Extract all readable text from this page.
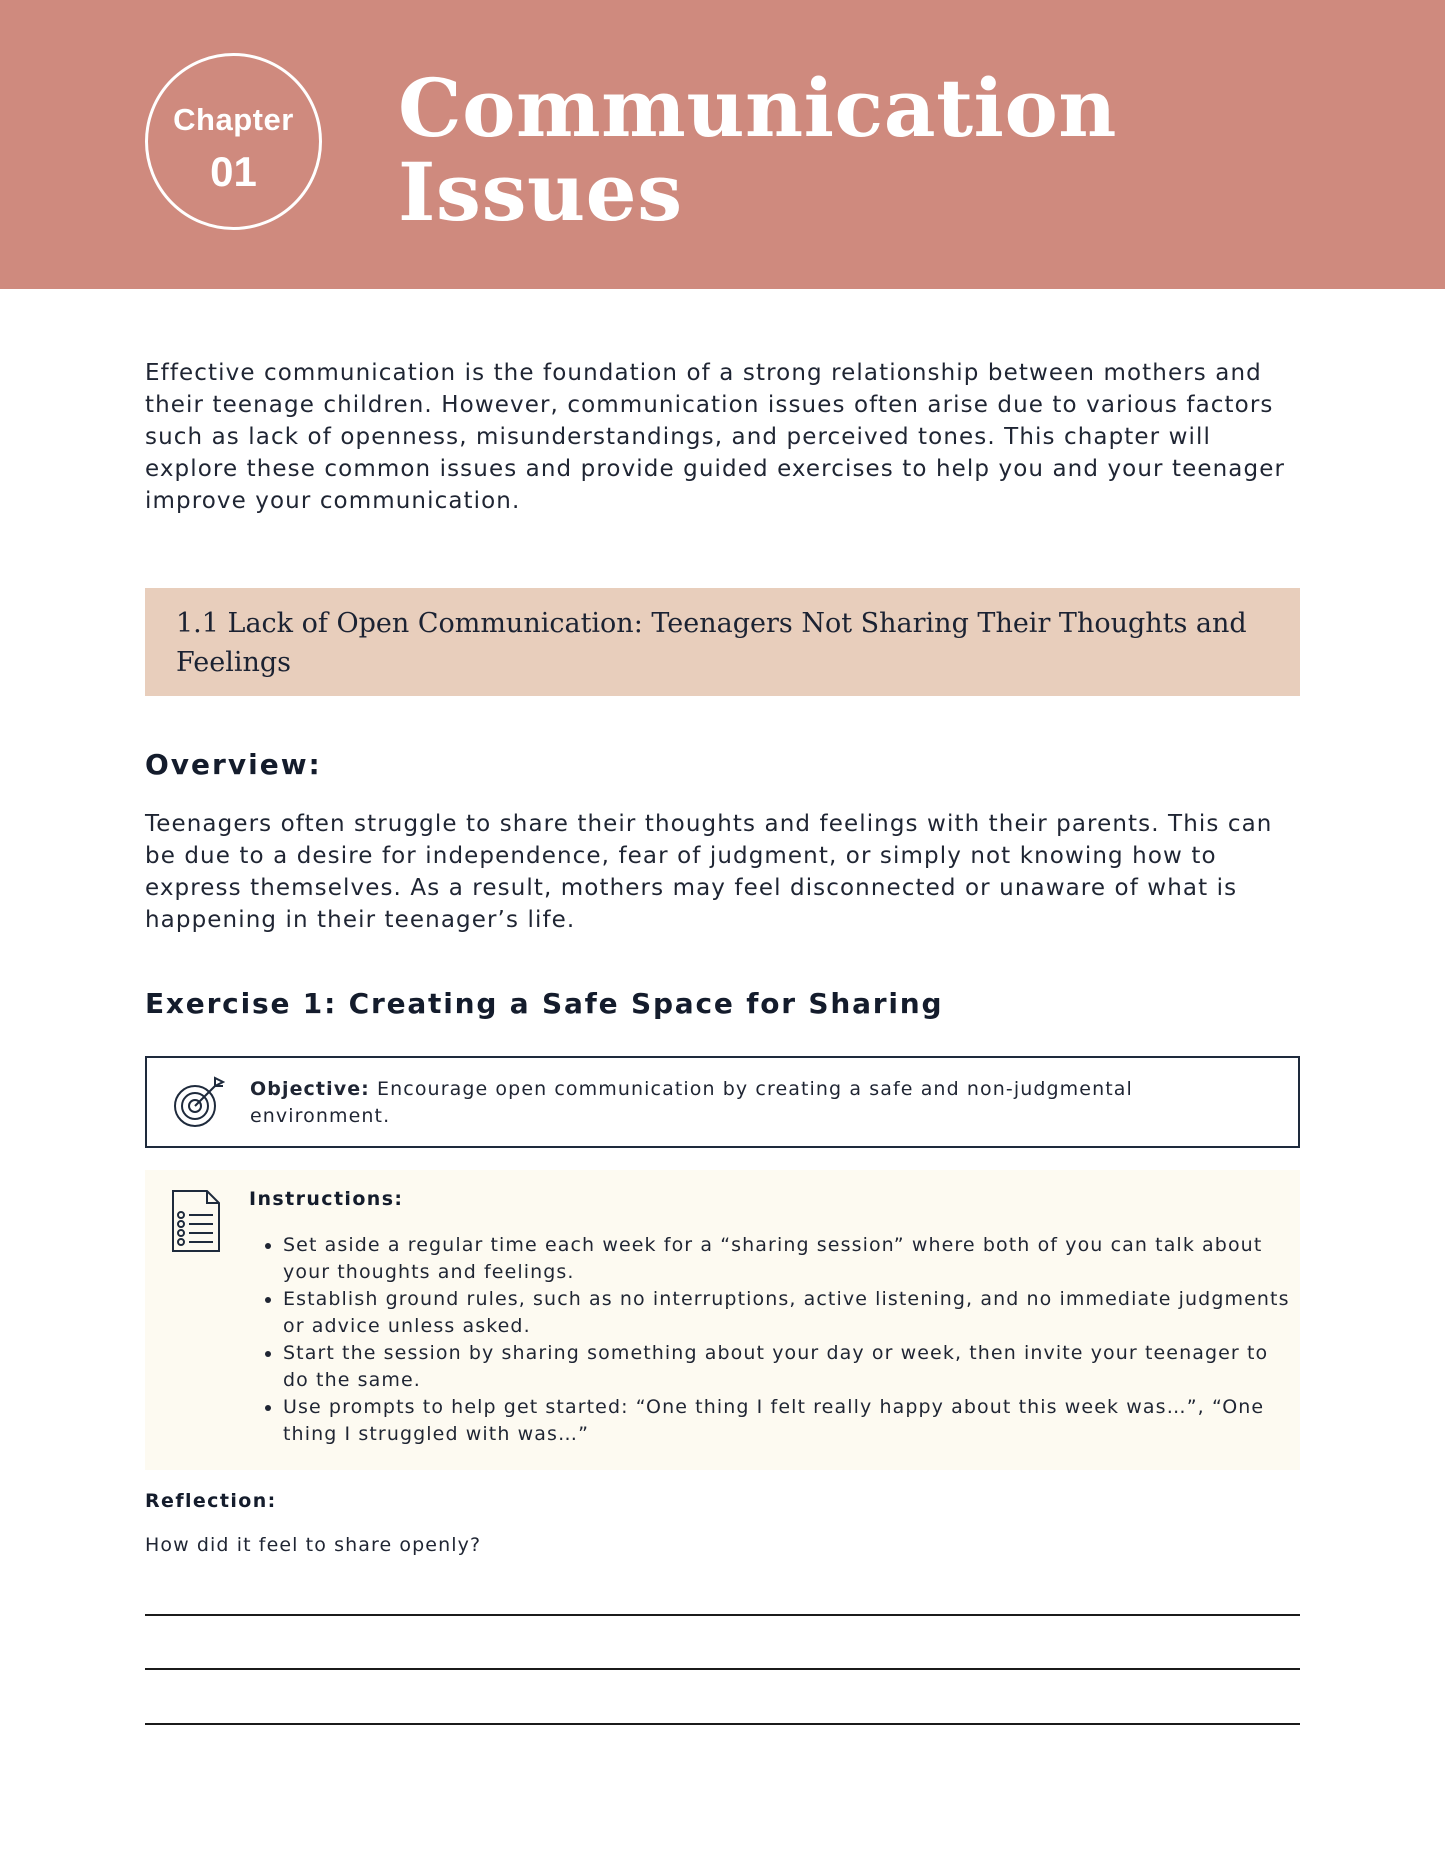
Chapter
01
Communication
Issues
Effective communication is the foundation of a strong relationship between mothers and their teenage children. However, communication issues often arise due to various factors such as lack of openness, misunderstandings, and perceived tones. This chapter will explore these common issues and provide guided exercises to help you and your teenager improve your communication.
1.1 Lack of Open Communication: Teenagers Not Sharing Their Thoughts and Feelings
Overview:
Teenagers often struggle to share their thoughts and feelings with their parents. This can be due to a desire for independence, fear of judgment, or simply not knowing how to express themselves. As a result, mothers may feel disconnected or unaware of what is happening in their teenager’s life.
Exercise 1: Creating a Safe Space for Sharing
Objective: Encourage open communication by creating a safe and non-judgmental environment.
Instructions:
• Set aside a regular time each week for a “sharing session” where both of you can talk about your thoughts and feelings.
• Establish ground rules, such as no interruptions, active listening, and no immediate judgments or advice unless asked.
• Start the session by sharing something about your day or week, then invite your teenager to do the same.
• Use prompts to help get started: “One thing I felt really happy about this week was…”, “One thing I struggled with was…”
Reflection:
How did it feel to share openly?
